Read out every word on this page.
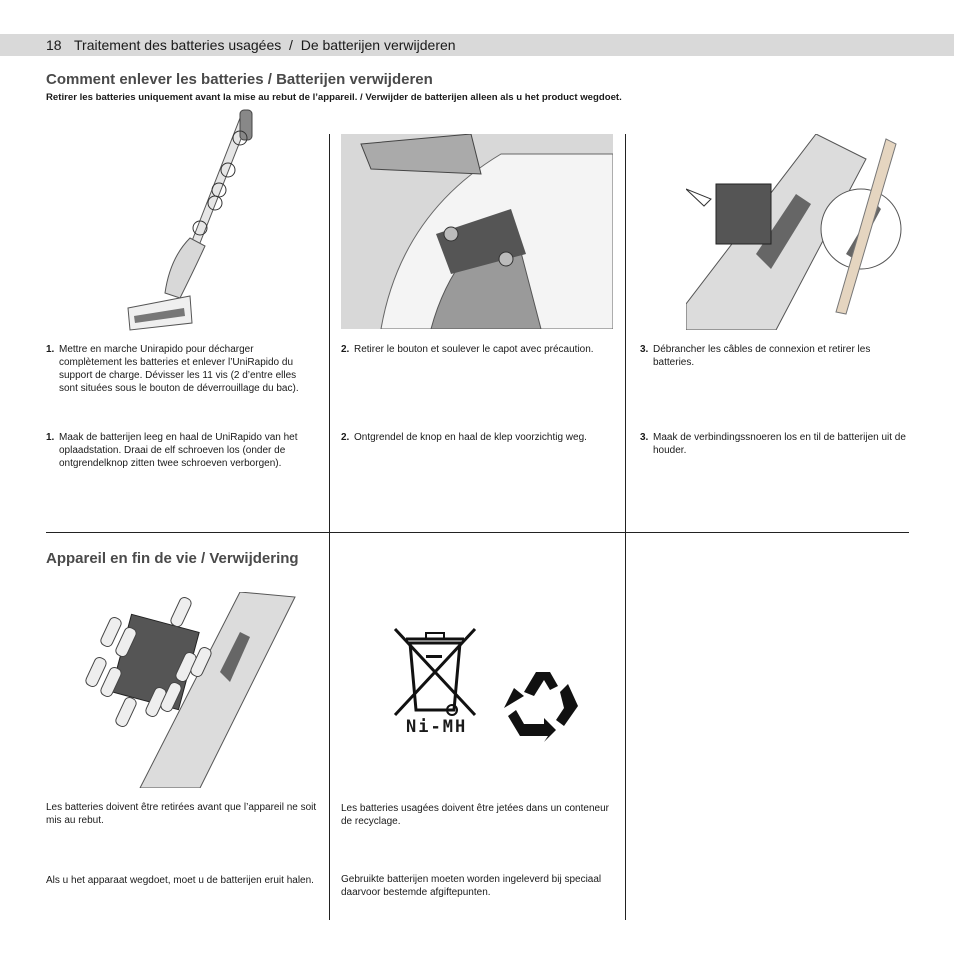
18 Traitement des batteries usagées  /  De batterijen verwijderen
Comment enlever les batteries / Batterijen verwijderen
Retirer les batteries uniquement avant la mise au rebut de l’appareil. / Verwijder de batterijen alleen als u het product wegdoet.
1. Mettre en marche Unirapido pour décharger complètement les batteries et enlever l’UniRapido du support de charge. Dévisser les 11 vis (2 d’entre elles sont situées sous le bouton de déverrouillage du bac).
1. Maak de batterijen leeg en haal de UniRapido van het oplaadstation. Draai de elf schroeven los (onder de ontgrendelknop zitten twee schroeven verborgen).
2. Retirer le bouton et soulever le capot avec précaution.
2. Ontgrendel de knop en haal de klep voorzichtig weg.
3. Débrancher les câbles de connexion et retirer les batteries.
3. Maak de verbindingssnoeren los en til de batterijen uit de houder.
Appareil en fin de vie / Verwijdering
Ni-MH
Les batteries doivent être retirées avant que l’appareil ne soit mis au rebut.
Als u het apparaat wegdoet, moet u de batterijen eruit halen.
Les batteries usagées doivent être jetées dans un conteneur de recyclage.
Gebruikte batterijen moeten worden ingeleverd bij speciaal daarvoor bestemde afgiftepunten.
